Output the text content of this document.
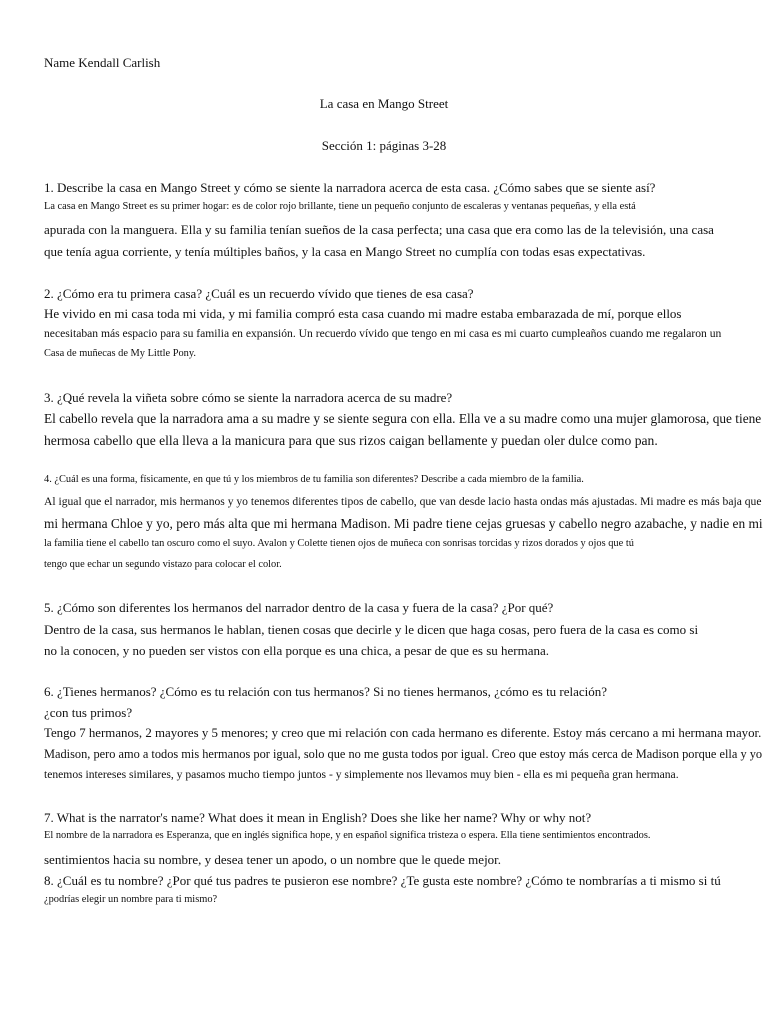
Name Kendall Carlish
La casa en Mango Street
Sección 1: páginas 3-28
1. Describe la casa en Mango Street y cómo se siente la narradora acerca de esta casa. ¿Cómo sabes que se siente así?
La casa en Mango Street es su primer hogar: es de color rojo brillante, tiene un pequeño conjunto de escaleras y ventanas pequeñas, y ella está
apurada con la manguera. Ella y su familia tenían sueños de la casa perfecta; una casa que era como las de la televisión, una casa
que tenía agua corriente, y tenía múltiples baños, y la casa en Mango Street no cumplía con todas esas expectativas.
2. ¿Cómo era tu primera casa? ¿Cuál es un recuerdo vívido que tienes de esa casa?
He vivido en mi casa toda mi vida, y mi familia compró esta casa cuando mi madre estaba embarazada de mí, porque ellos
necesitaban más espacio para su familia en expansión. Un recuerdo vívido que tengo en mi casa es mi cuarto cumpleaños cuando me regalaron un
Casa de muñecas de My Little Pony.
3. ¿Qué revela la viñeta sobre cómo se siente la narradora acerca de su madre?
El cabello revela que la narradora ama a su madre y se siente segura con ella. Ella ve a su madre como una mujer glamorosa, que tiene
hermosa cabello que ella lleva a la manicura para que sus rizos caigan bellamente y puedan oler dulce como pan.
4. ¿Cuál es una forma, físicamente, en que tú y los miembros de tu familia son diferentes? Describe a cada miembro de la familia.
Al igual que el narrador, mis hermanos y yo tenemos diferentes tipos de cabello, que van desde lacio hasta ondas más ajustadas. Mi madre es más baja que
mi hermana Chloe y yo, pero más alta que mi hermana Madison. Mi padre tiene cejas gruesas y cabello negro azabache, y nadie en mi
la familia tiene el cabello tan oscuro como el suyo. Avalon y Colette tienen ojos de muñeca con sonrisas torcidas y rizos dorados y ojos que tú
tengo que echar un segundo vistazo para colocar el color.
5. ¿Cómo son diferentes los hermanos del narrador dentro de la casa y fuera de la casa? ¿Por qué?
Dentro de la casa, sus hermanos le hablan, tienen cosas que decirle y le dicen que haga cosas, pero fuera de la casa es como si
no la conocen, y no pueden ser vistos con ella porque es una chica, a pesar de que es su hermana.
6. ¿Tienes hermanos? ¿Cómo es tu relación con tus hermanos? Si no tienes hermanos, ¿cómo es tu relación?
¿con tus primos?
Tengo 7 hermanos, 2 mayores y 5 menores; y creo que mi relación con cada hermano es diferente. Estoy más cercano a mi hermana mayor.
Madison, pero amo a todos mis hermanos por igual, solo que no me gusta todos por igual. Creo que estoy más cerca de Madison porque ella y yo
tenemos intereses similares, y pasamos mucho tiempo juntos - y simplemente nos llevamos muy bien - ella es mi pequeña gran hermana.
7. What is the narrator's name? What does it mean in English? Does she like her name? Why or why not?
El nombre de la narradora es Esperanza, que en inglés significa hope, y en español significa tristeza o espera. Ella tiene sentimientos encontrados.
sentimientos hacia su nombre, y desea tener un apodo, o un nombre que le quede mejor.
8. ¿Cuál es tu nombre? ¿Por qué tus padres te pusieron ese nombre? ¿Te gusta este nombre? ¿Cómo te nombrarías a ti mismo si tú
¿podrías elegir un nombre para ti mismo?
